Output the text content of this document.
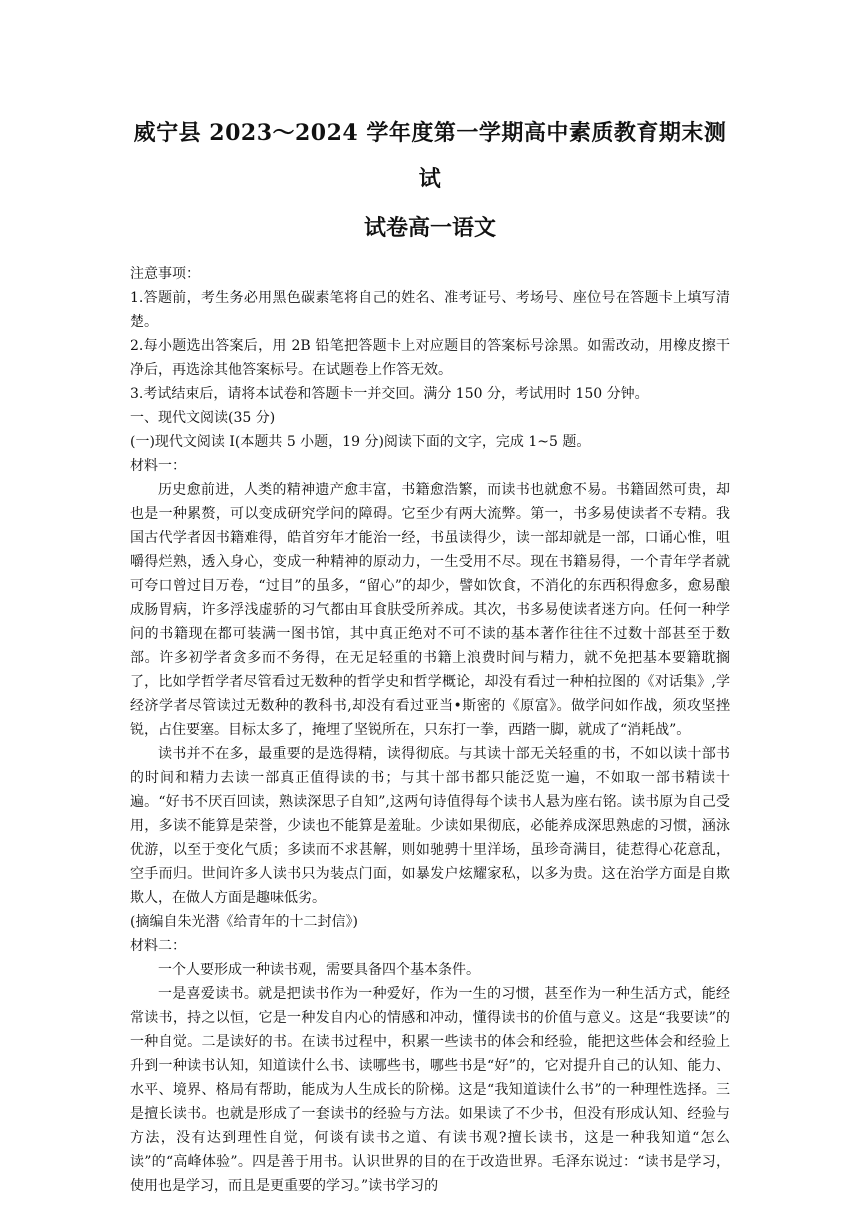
威宁县 2023～2024 学年度第一学期高中素质教育期末测试
试卷高一语文

注意事项：

1.答题前，考生务必用黑色碳素笔将自己的姓名、准考证号、考场号、座位号在答题卡上填写清楚。

2.每小题选出答案后，用 2B 铅笔把答题卡上对应题目的答案标号涂黑。如需改动，用橡皮擦干净后，再选涂其他答案标号。在试题卷上作答无效。

3.考试结束后，请将本试卷和答题卡一并交回。满分 150 分，考试用时 150 分钟。

一、现代文阅读(35 分)

(一)现代文阅读 I(本题共 5 小题，19 分)阅读下面的文字，完成 1~5 题。

材料一：

历史愈前进，人类的精神遗产愈丰富，书籍愈浩繁，而读书也就愈不易。书籍固然可贵，却也是一种累赘，可以变成研究学问的障碍。它至少有两大流弊。第一，书多易使读者不专精。我国古代学者因书籍难得，皓首穷年才能治一经，书虽读得少，读一部却就是一部，口诵心惟，咀嚼得烂熟，透入身心，变成一种精神的原动力，一生受用不尽。现在书籍易得，一个青年学者就可夸口曾过目万卷，“过目”的虽多，“留心”的却少，譬如饮食，不消化的东西积得愈多，愈易酿成肠胃病，许多浮浅虚骄的习气都由耳食肤受所养成。其次，书多易使读者迷方向。任何一种学问的书籍现在都可装满一图书馆，其中真正绝对不可不读的基本著作往往不过数十部甚至于数部。许多初学者贪多而不务得，在无足轻重的书籍上浪费时间与精力，就不免把基本要籍耽搁了，比如学哲学者尽管看过无数种的哲学史和哲学概论，却没有看过一种柏拉图的《对话集》,学经济学者尽管读过无数种的教科书,却没有看过亚当•斯密的《原富》。做学问如作战，须攻坚挫锐，占住要塞。目标太多了，掩埋了坚锐所在，只东打一拳，西踏一脚，就成了“消耗战”。

读书并不在多，最重要的是选得精，读得彻底。与其读十部无关轻重的书，不如以读十部书的时间和精力去读一部真正值得读的书；与其十部书都只能泛览一遍，不如取一部书精读十遍。“好书不厌百回读，熟读深思子自知”,这两句诗值得每个读书人悬为座右铭。读书原为自己受用，多读不能算是荣誉，少读也不能算是羞耻。少读如果彻底，必能养成深思熟虑的习惯，涵泳优游，以至于变化气质；多读而不求甚解，则如驰骋十里洋场，虽珍奇满目，徒惹得心花意乱，空手而归。世间许多人读书只为装点门面，如暴发户炫耀家私，以多为贵。这在治学方面是自欺欺人，在做人方面是趣味低劣。

(摘编自朱光潜《给青年的十二封信》)

材料二：

一个人要形成一种读书观，需要具备四个基本条件。

一是喜爱读书。就是把读书作为一种爱好，作为一生的习惯，甚至作为一种生活方式，能经常读书，持之以恒，它是一种发自内心的情感和冲动，懂得读书的价值与意义。这是“我要读”的一种自觉。二是读好的书。在读书过程中，积累一些读书的体会和经验，能把这些体会和经验上升到一种读书认知，知道读什么书、读哪些书，哪些书是“好”的，它对提升自己的认知、能力、水平、境界、格局有帮助，能成为人生成长的阶梯。这是“我知道读什么书”的一种理性选择。三是擅长读书。也就是形成了一套读书的经验与方法。如果读了不少书，但没有形成认知、经验与方法，没有达到理性自觉，何谈有读书之道、有读书观?擅长读书，这是一种我知道“怎么读”的“高峰体验”。四是善于用书。认识世界的目的在于改造世界。毛泽东说过：“读书是学习，使用也是学习，而且是更重要的学习。”读书学习的
